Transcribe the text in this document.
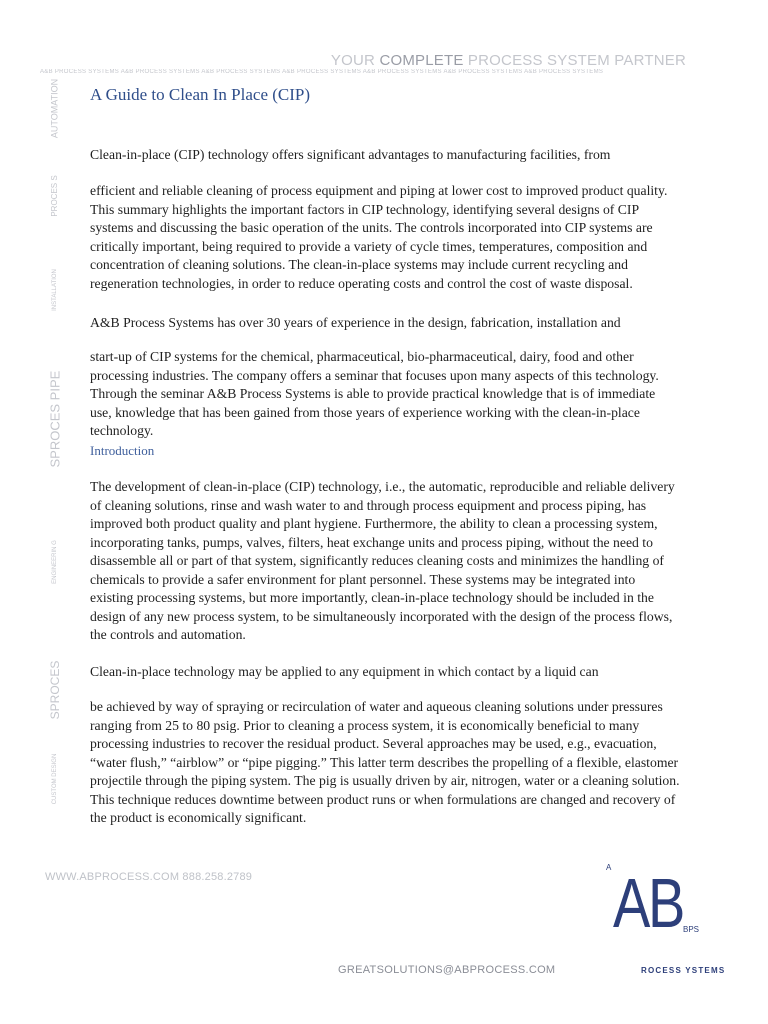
YOUR COMPLETE PROCESS SYSTEM PARTNER
A&B PROCESS SYSTEMS A&B PROCESS SYSTEMS A&B PROCESS SYSTEMS A&B PROCESS SYSTEMS A&B PROCESS SYSTEMS A&B PROCESS SYSTEMS A&B PROCESS SYSTEMS
AUTOMATION
PROCES S
INSTALLATION
SPROCES PIPE
ENGINEERIN G
SPROCES
CUSTOM DESIGN
A Guide to Clean In Place (CIP)

Clean-in-place (CIP) technology offers significant advantages to manufacturing facilities, from

efficient and reliable cleaning of process equipment and piping at lower cost to improved product quality. This summary highlights the important factors in CIP technology, identifying several designs of CIP systems and discussing the basic operation of the units. The controls incorporated into CIP systems are critically important, being required to provide a variety of cycle times, temperatures, composition and concentration of cleaning solutions. The clean-in-place systems may include current recycling and regeneration technologies, in order to reduce operating costs and control the cost of waste disposal.

A&B Process Systems has over 30 years of experience in the design, fabrication, installation and

start-up of CIP systems for the chemical, pharmaceutical, bio-pharmaceutical, dairy, food and other processing industries. The company offers a seminar that focuses upon many aspects of this technology. Through the seminar A&B Process Systems is able to provide practical knowledge that is of immediate use, knowledge that has been gained from those years of experience working with the clean-in-place technology.

Introduction

The development of clean-in-place (CIP) technology, i.e., the automatic, reproducible and reliable delivery of cleaning solutions, rinse and wash water to and through process equipment and process piping, has improved both product quality and plant hygiene. Furthermore, the ability to clean a processing system, incorporating tanks, pumps, valves, filters, heat exchange units and process piping, without the need to disassemble all or part of that system, significantly reduces cleaning costs and minimizes the handling of chemicals to provide a safer environment for plant personnel. These systems may be integrated into existing processing systems, but more importantly, clean-in-place technology should be included in the design of any new process system, to be simultaneously incorporated with the design of the process flows, the controls and automation.

Clean-in-place technology may be applied to any equipment in which contact by a liquid can

be achieved by way of spraying or recirculation of water and aqueous cleaning solutions under pressures ranging from 25 to 80 psig. Prior to cleaning a process system, it is economically beneficial to many processing industries to recover the residual product. Several approaches may be used, e.g., evacuation, “water flush,” “airblow” or “pipe pigging.” This latter term describes the propelling of a flexible, elastomer projectile through the piping system. The pig is usually driven by air, nitrogen, water or a cleaning solution. This technique reduces downtime between product runs or when formulations are changed and recovery of the product is economically significant.

WWW.ABPROCESS.COM 888.258.2789
GREATSOLUTIONS@ABPROCESS.COM
A AB BPS
ROCESS YSTEMS
